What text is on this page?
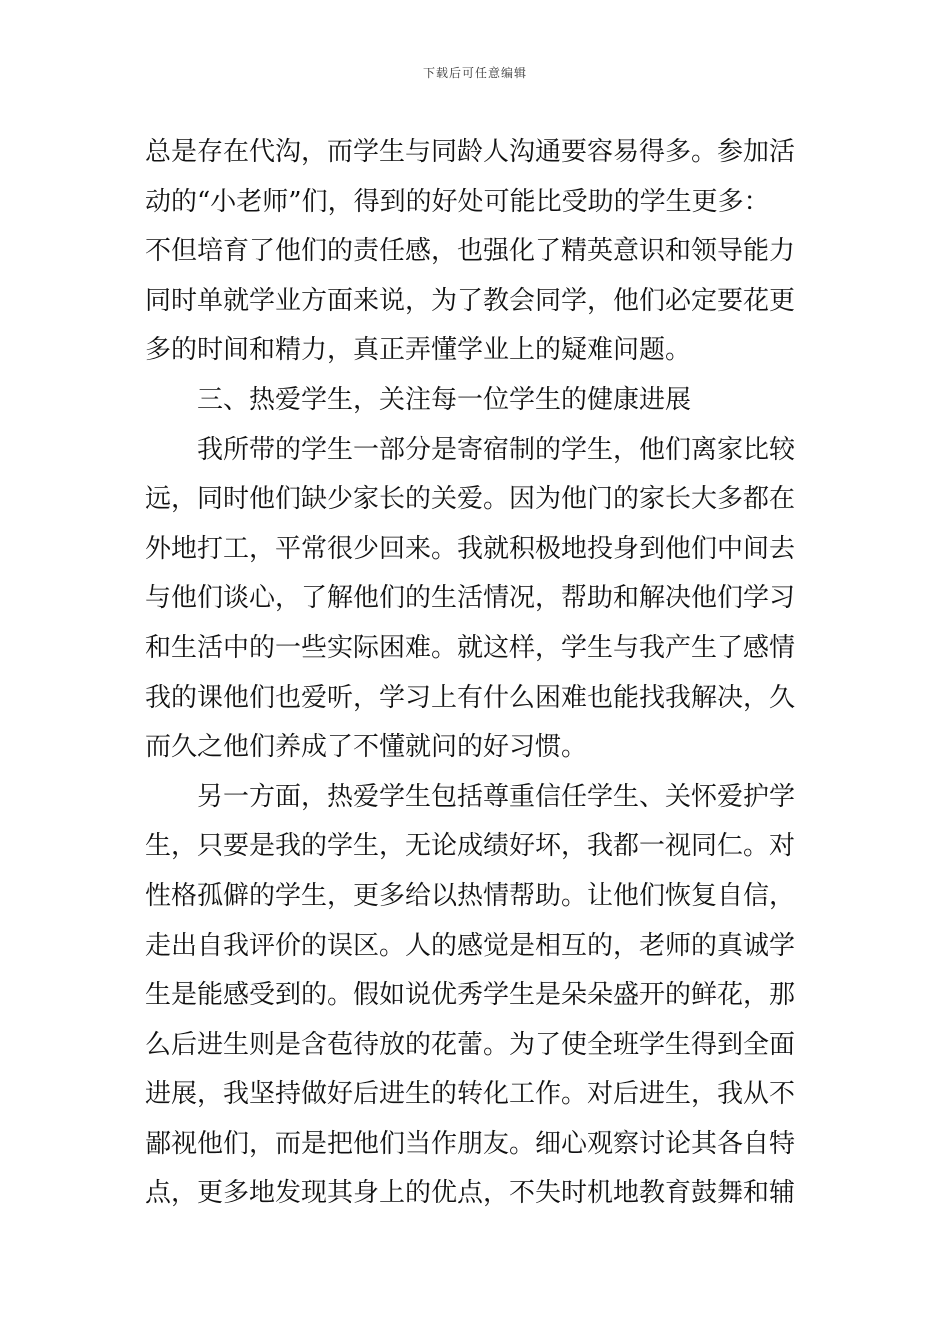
下载后可任意编辑
总是存在代沟，而学生与同龄人沟通要容易得多。参加活
动的“小老师”们，得到的好处可能比受助的学生更多：
不但培育了他们的责任感，也强化了精英意识和领导能力
同时单就学业方面来说，为了教会同学，他们必定要花更
多的时间和精力，真正弄懂学业上的疑难问题。
三、热爱学生，关注每一位学生的健康进展
我所带的学生一部分是寄宿制的学生，他们离家比较
远，同时他们缺少家长的关爱。因为他门的家长大多都在
外地打工，平常很少回来。我就积极地投身到他们中间去
与他们谈心，了解他们的生活情况，帮助和解决他们学习
和生活中的一些实际困难。就这样，学生与我产生了感情
我的课他们也爱听，学习上有什么困难也能找我解决，久
而久之他们养成了不懂就问的好习惯。
另一方面，热爱学生包括尊重信任学生、关怀爱护学
生，只要是我的学生，无论成绩好坏，我都一视同仁。对
性格孤僻的学生，更多给以热情帮助。让他们恢复自信，
走出自我评价的误区。人的感觉是相互的，老师的真诚学
生是能感受到的。假如说优秀学生是朵朵盛开的鲜花，那
么后进生则是含苞待放的花蕾。为了使全班学生得到全面
进展，我坚持做好后进生的转化工作。对后进生，我从不
鄙视他们，而是把他们当作朋友。细心观察讨论其各自特
点，更多地发现其身上的优点，不失时机地教育鼓舞和辅
